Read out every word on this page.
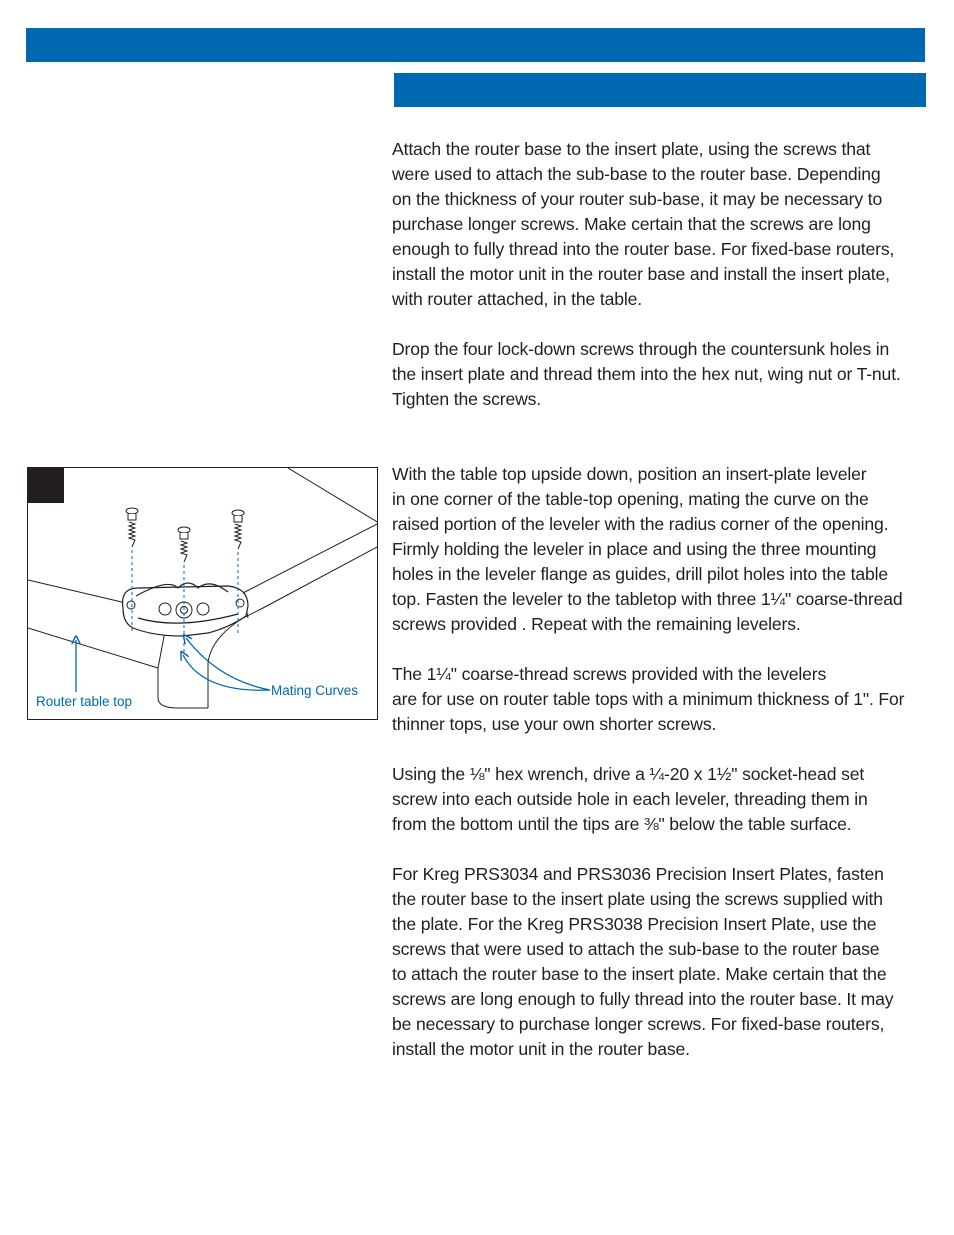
Attach the router base to the insert plate, using the screws that
were used to attach the sub-base to the router base. Depending
on the thickness of your router sub-base, it may be necessary to
purchase longer screws. Make certain that the screws are long
enough to fully thread into the router base. For fixed-base routers,
install the motor unit in the router base and install the insert plate,
with router attached, in the table.

Drop the four lock-down screws through the countersunk holes in
the insert plate and thread them into the hex nut, wing nut or T-nut.
Tighten the screws.

With the table top upside down, position an insert-plate leveler
in one corner of the table-top opening, mating the curve on the
raised portion of the leveler with the radius corner of the opening.
Firmly holding the leveler in place and using the three mounting
holes in the leveler flange as guides, drill pilot holes into the table
top. Fasten the leveler to the tabletop with three 1¼" coarse-thread
screws provided . Repeat with the remaining levelers.

The 1¼" coarse-thread screws provided with the levelers
are for use on router table tops with a minimum thickness of 1". For
thinner tops, use your own shorter screws.

Using the ⅛" hex wrench, drive a ¼-20 x 1½" socket-head set
screw into each outside hole in each leveler, threading them in
from the bottom until the tips are ⅜" below the table surface.

For Kreg PRS3034 and PRS3036 Precision Insert Plates, fasten
the router base to the insert plate using the screws supplied with
the plate. For the Kreg PRS3038 Precision Insert Plate, use the
screws that were used to attach the sub-base to the router base
to attach the router base to the insert plate. Make certain that the
screws are long enough to fully thread into the router base. It may
be necessary to purchase longer screws. For fixed-base routers,
install the motor unit in the router base.

Router table top
Mating Curves
